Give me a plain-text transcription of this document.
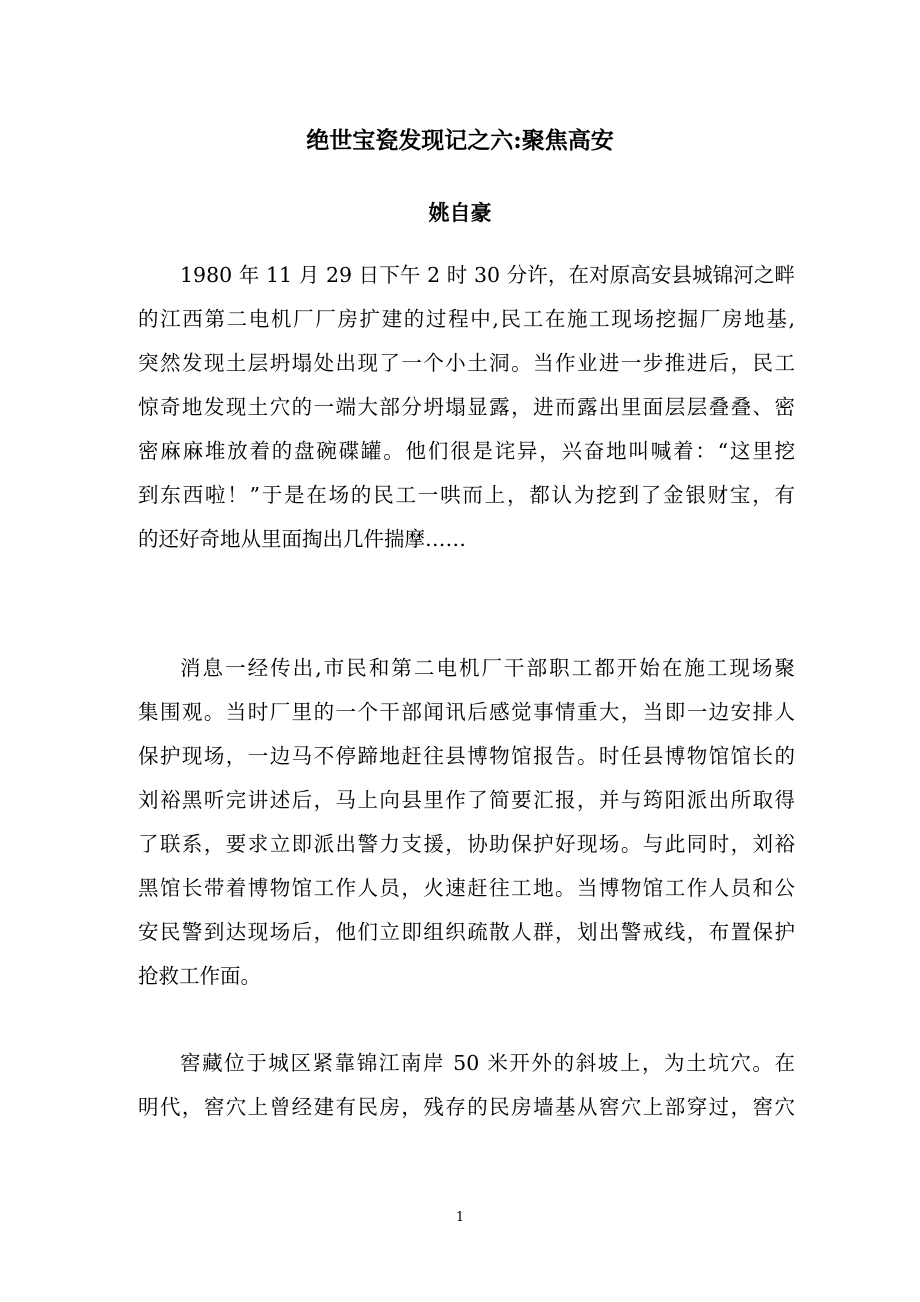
绝世宝瓷发现记之六:聚焦高安
姚自豪
1980 年 11 月 29 日下午 2 时 30 分许，在对原高安县城锦河之畔
的江西第二电机厂厂房扩建的过程中,民工在施工现场挖掘厂房地基,
突然发现土层坍塌处出现了一个小土洞。当作业进一步推进后，民工
惊奇地发现土穴的一端大部分坍塌显露，进而露出里面层层叠叠、密
密麻麻堆放着的盘碗碟罐。他们很是诧异，兴奋地叫喊着：“这里挖
到东西啦！”于是在场的民工一哄而上，都认为挖到了金银财宝，有
的还好奇地从里面掏出几件揣摩……
消息一经传出,市民和第二电机厂干部职工都开始在施工现场聚
集围观。当时厂里的一个干部闻讯后感觉事情重大，当即一边安排人
保护现场，一边马不停蹄地赶往县博物馆报告。时任县博物馆馆长的
刘裕黑听完讲述后，马上向县里作了简要汇报，并与筠阳派出所取得
了联系，要求立即派出警力支援，协助保护好现场。与此同时，刘裕
黑馆长带着博物馆工作人员，火速赶往工地。当博物馆工作人员和公
安民警到达现场后，他们立即组织疏散人群，划出警戒线，布置保护
抢救工作面。
窖藏位于城区紧靠锦江南岸 50 米开外的斜坡上，为土坑穴。在
明代，窖穴上曾经建有民房，残存的民房墙基从窖穴上部穿过，窖穴
1
